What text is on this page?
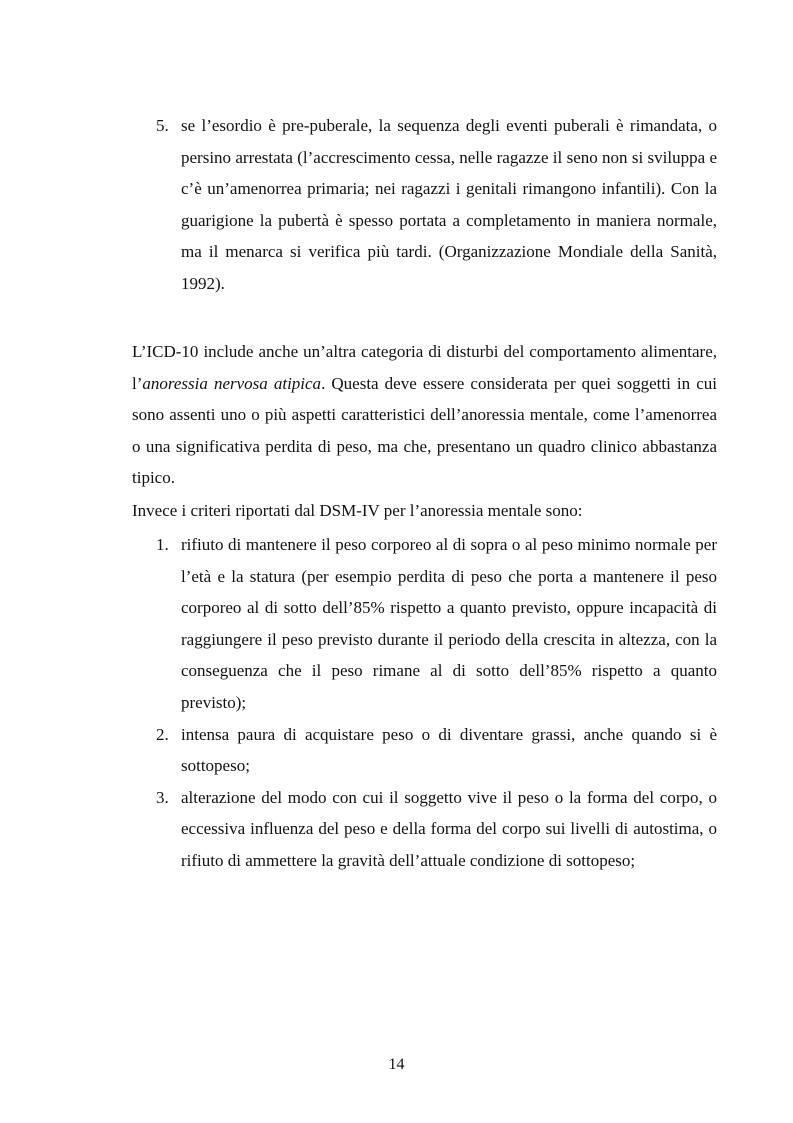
5. se l’esordio è pre-puberale, la sequenza degli eventi puberali è rimandata, o persino arrestata (l’accrescimento cessa, nelle ragazze il seno non si sviluppa e c’è un’amenorrea primaria; nei ragazzi i genitali rimangono infantili). Con la guarigione la pubertà è spesso portata a completamento in maniera normale, ma il menarca si verifica più tardi. (Organizzazione Mondiale della Sanità, 1992).

L’ICD-10 include anche un’altra categoria di disturbi del comportamento alimentare, l’anoressia nervosa atipica. Questa deve essere considerata per quei soggetti in cui sono assenti uno o più aspetti caratteristici dell’anoressia mentale, come l’amenorrea o una significativa perdita di peso, ma che, presentano un quadro clinico abbastanza tipico.

Invece i criteri riportati dal DSM-IV per l’anoressia mentale sono:

1. rifiuto di mantenere il peso corporeo al di sopra o al peso minimo normale per l’età e la statura (per esempio perdita di peso che porta a mantenere il peso corporeo al di sotto dell’85% rispetto a quanto previsto, oppure incapacità di raggiungere il peso previsto durante il periodo della crescita in altezza, con la conseguenza che il peso rimane al di sotto dell’85% rispetto a quanto previsto);

2. intensa paura di acquistare peso o di diventare grassi, anche quando si è sottopeso;

3. alterazione del modo con cui il soggetto vive il peso o la forma del corpo, o eccessiva influenza del peso e della forma del corpo sui livelli di autostima, o rifiuto di ammettere la gravità dell’attuale condizione di sottopeso;

14
